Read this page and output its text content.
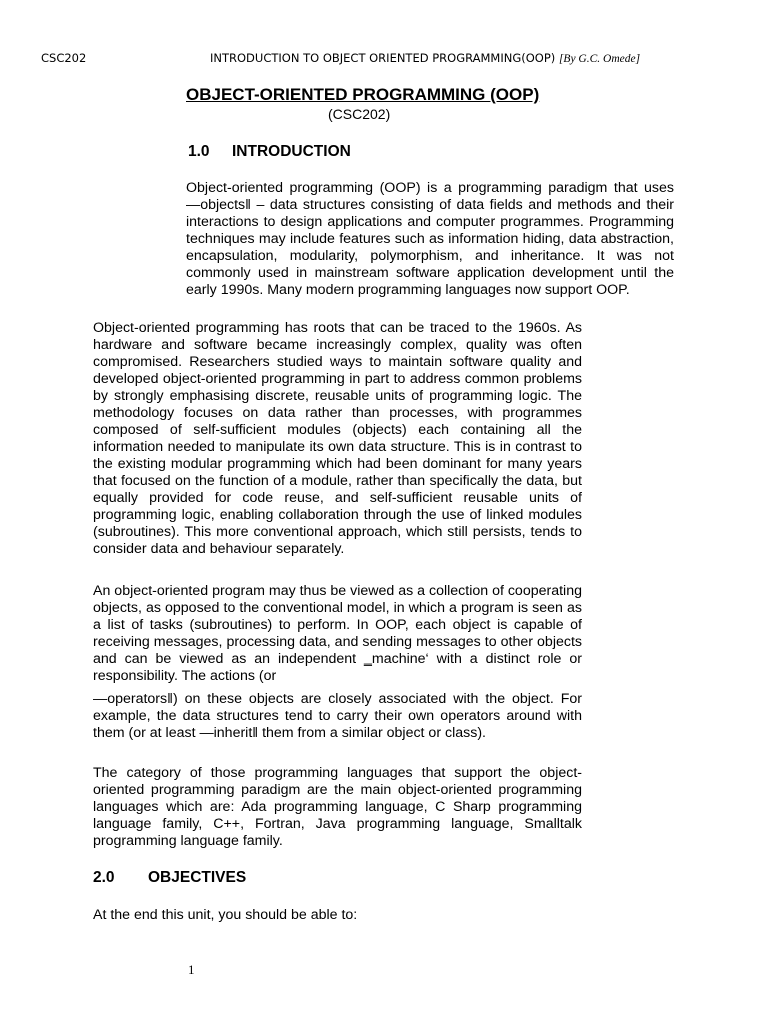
CSC202	INTRODUCTION TO OBJECT ORIENTED PROGRAMMING(OOP) [By G.C. Omede]
OBJECT-ORIENTED PROGRAMMING (OOP)
(CSC202)
1.0 INTRODUCTION

Object-oriented programming (OOP) is a programming paradigm that uses ―objects‖ – data structures consisting of data fields and methods and their interactions to design applications and computer programmes. Programming techniques may include features such as information hiding, data abstraction, encapsulation, modularity, polymorphism, and inheritance. It was not commonly used in mainstream software application development until the early 1990s. Many modern programming languages now support OOP.

Object-oriented programming has roots that can be traced to the 1960s. As hardware and software became increasingly complex, quality was often compromised. Researchers studied ways to maintain software quality and developed object-oriented programming in part to address common problems by strongly emphasising discrete, reusable units of programming logic. The methodology focuses on data rather than processes, with programmes composed of self-sufficient modules (objects) each containing all the information needed to manipulate its own data structure. This is in contrast to the existing modular programming which had been dominant for many years that focused on the function of a module, rather than specifically the data, but equally provided for code reuse, and self-sufficient reusable units of programming logic, enabling collaboration through the use of linked modules (subroutines). This more conventional approach, which still persists, tends to consider data and behaviour separately.

An object-oriented program may thus be viewed as a collection of cooperating objects, as opposed to the conventional model, in which a program is seen as a list of tasks (subroutines) to perform. In OOP, each object is capable of receiving messages, processing data, and sending messages to other objects and can be viewed as an independent ‗machine‘ with a distinct role or responsibility. The actions (or

―operators‖) on these objects are closely associated with the object. For example, the data structures tend to carry their own operators around with them (or at least ―inherit‖ them from a similar object or class).

The category of those programming languages that support the object- oriented programming paradigm are the main object-oriented programming languages which are: Ada programming language, C Sharp programming language family, C++, Fortran, Java programming language, Smalltalk programming language family.

2.0 OBJECTIVES

At the end this unit, you should be able to:

1
